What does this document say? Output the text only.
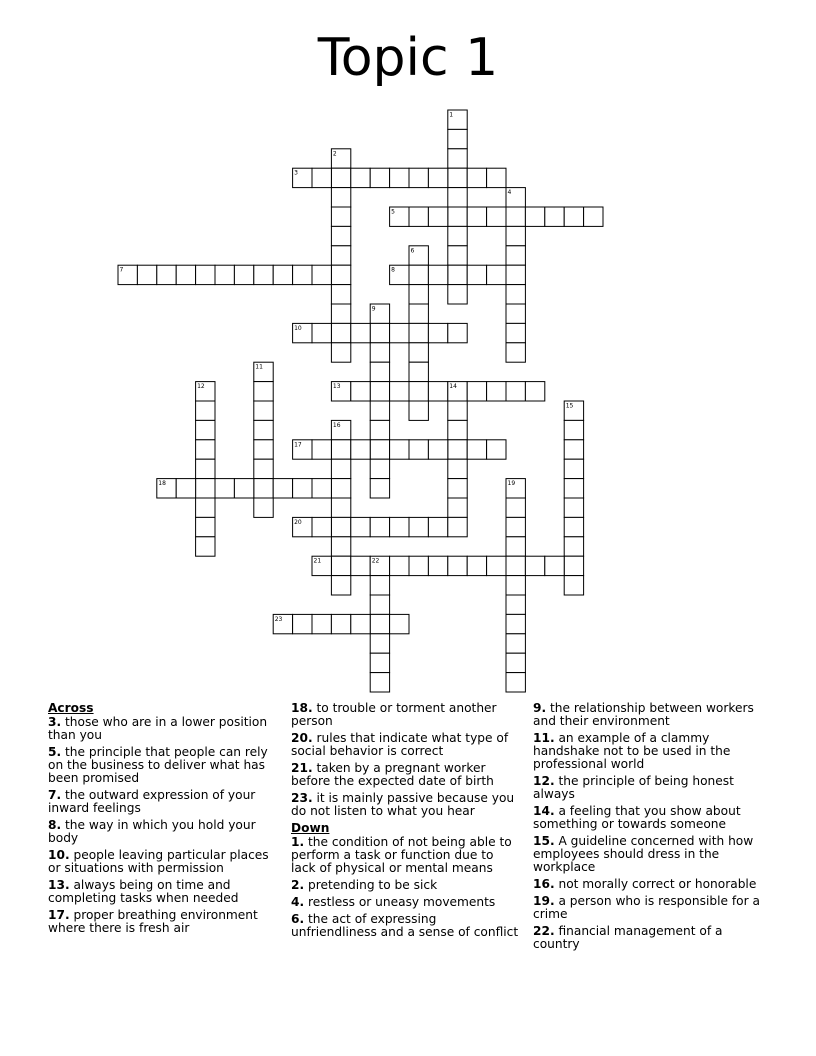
Topic 1
1
2
3
4
5
6
7	8
9
10
11
12	13	14
15
16
17
18	19
20
21	22
23
Across
3. those who are in a lower position than you
5. the principle that people can rely on the business to deliver what has been promised
7. the outward expression of your inward feelings
8. the way in which you hold your body
10. people leaving particular places or situations with permission
13. always being on time and completing tasks when needed
17. proper breathing environment where there is fresh air
18. to trouble or torment another person
20. rules that indicate what type of social behavior is correct
21. taken by a pregnant worker before the expected date of birth
23. it is mainly passive because you do not listen to what you hear
Down
1. the condition of not being able to perform a task or function due to lack of physical or mental means
2. pretending to be sick
4. restless or uneasy movements
6. the act of expressing unfriendliness and a sense of conflict
9. the relationship between workers and their environment
11. an example of a clammy handshake not to be used in the professional world
12. the principle of being honest always
14. a feeling that you show about something or towards someone
15. A guideline concerned with how employees should dress in the workplace
16. not morally correct or honorable
19. a person who is responsible for a crime
22. financial management of a country
